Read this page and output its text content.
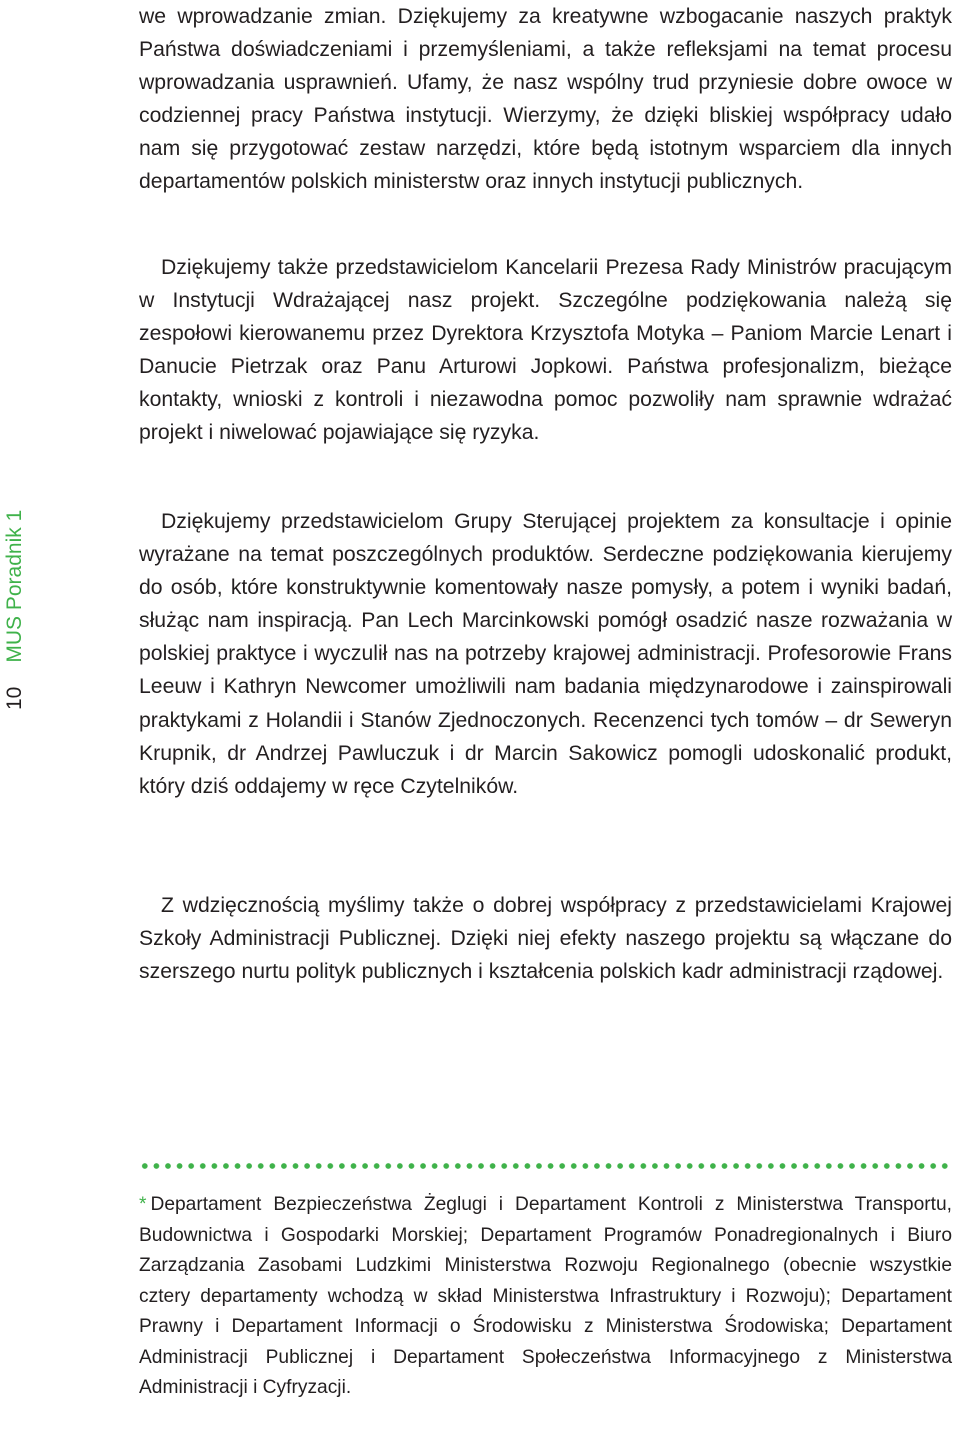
10
MUS Poradnik 1

we wprowadzanie zmian. Dziękujemy za kreatywne wzbogacanie naszych praktyk Państwa doświadczeniami i przemyśleniami, a także refleksjami na temat procesu wprowadzania usprawnień. Ufamy, że nasz wspólny trud przyniesie dobre owoce w codziennej pracy Państwa instytucji. Wierzymy, że dzięki bliskiej współpracy udało nam się przygotować zestaw narzędzi, które będą istotnym wsparciem dla innych departamentów polskich ministerstw oraz innych instytucji publicznych.

Dziękujemy także przedstawicielom Kancelarii Prezesa Rady Ministrów pracującym w Instytucji Wdrażającej nasz projekt. Szczególne podziękowania należą się zespołowi kierowanemu przez Dyrektora Krzysztofa Motyka – Paniom Marcie Lenart i Danucie Pietrzak oraz Panu Arturowi Jopkowi. Państwa profesjonalizm, bieżące kontakty, wnioski z kontroli i niezawodna pomoc pozwoliły nam sprawnie wdrażać projekt i niwelować pojawiające się ryzyka.

Dziękujemy przedstawicielom Grupy Sterującej projektem za konsultacje i opinie wyrażane na temat poszczególnych produktów. Serdeczne podziękowania kierujemy do osób, które konstruktywnie komentowały nasze pomysły, a potem i wyniki badań, służąc nam inspiracją. Pan Lech Marcinkowski pomógł osadzić nasze rozważania w polskiej praktyce i wyczulił nas na potrzeby krajowej administracji. Profesorowie Frans Leeuw i Kathryn Newcomer umożliwili nam badania międzynarodowe i zainspirowali praktykami z Holandii i Stanów Zjednoczonych. Recenzenci tych tomów – dr Seweryn Krupnik, dr Andrzej Pawluczuk i dr Marcin Sakowicz pomogli udoskonalić produkt, który dziś oddajemy w ręce Czytelników.

Z wdzięcznością myślimy także o dobrej współpracy z przedstawicielami Krajowej Szkoły Administracji Publicznej. Dzięki niej efekty naszego projektu są włączane do szerszego nurtu polityk publicznych i kształcenia polskich kadr administracji rządowej.

* Departament Bezpieczeństwa Żeglugi i Departament Kontroli z Ministerstwa Transportu, Budownictwa i Gospodarki Morskiej; Departament Programów Ponadregionalnych i Biuro Zarządzania Zasobami Ludzkimi Ministerstwa Rozwoju Regionalnego (obecnie wszystkie cztery departamenty wchodzą w skład Ministerstwa Infrastruktury i Rozwoju); Departament Prawny i Departament Informacji o Środowisku z Ministerstwa Środowiska; Departament Administracji Publicznej i Departament Społeczeństwa Informacyjnego z Ministerstwa Administracji i Cyfryzacji.
